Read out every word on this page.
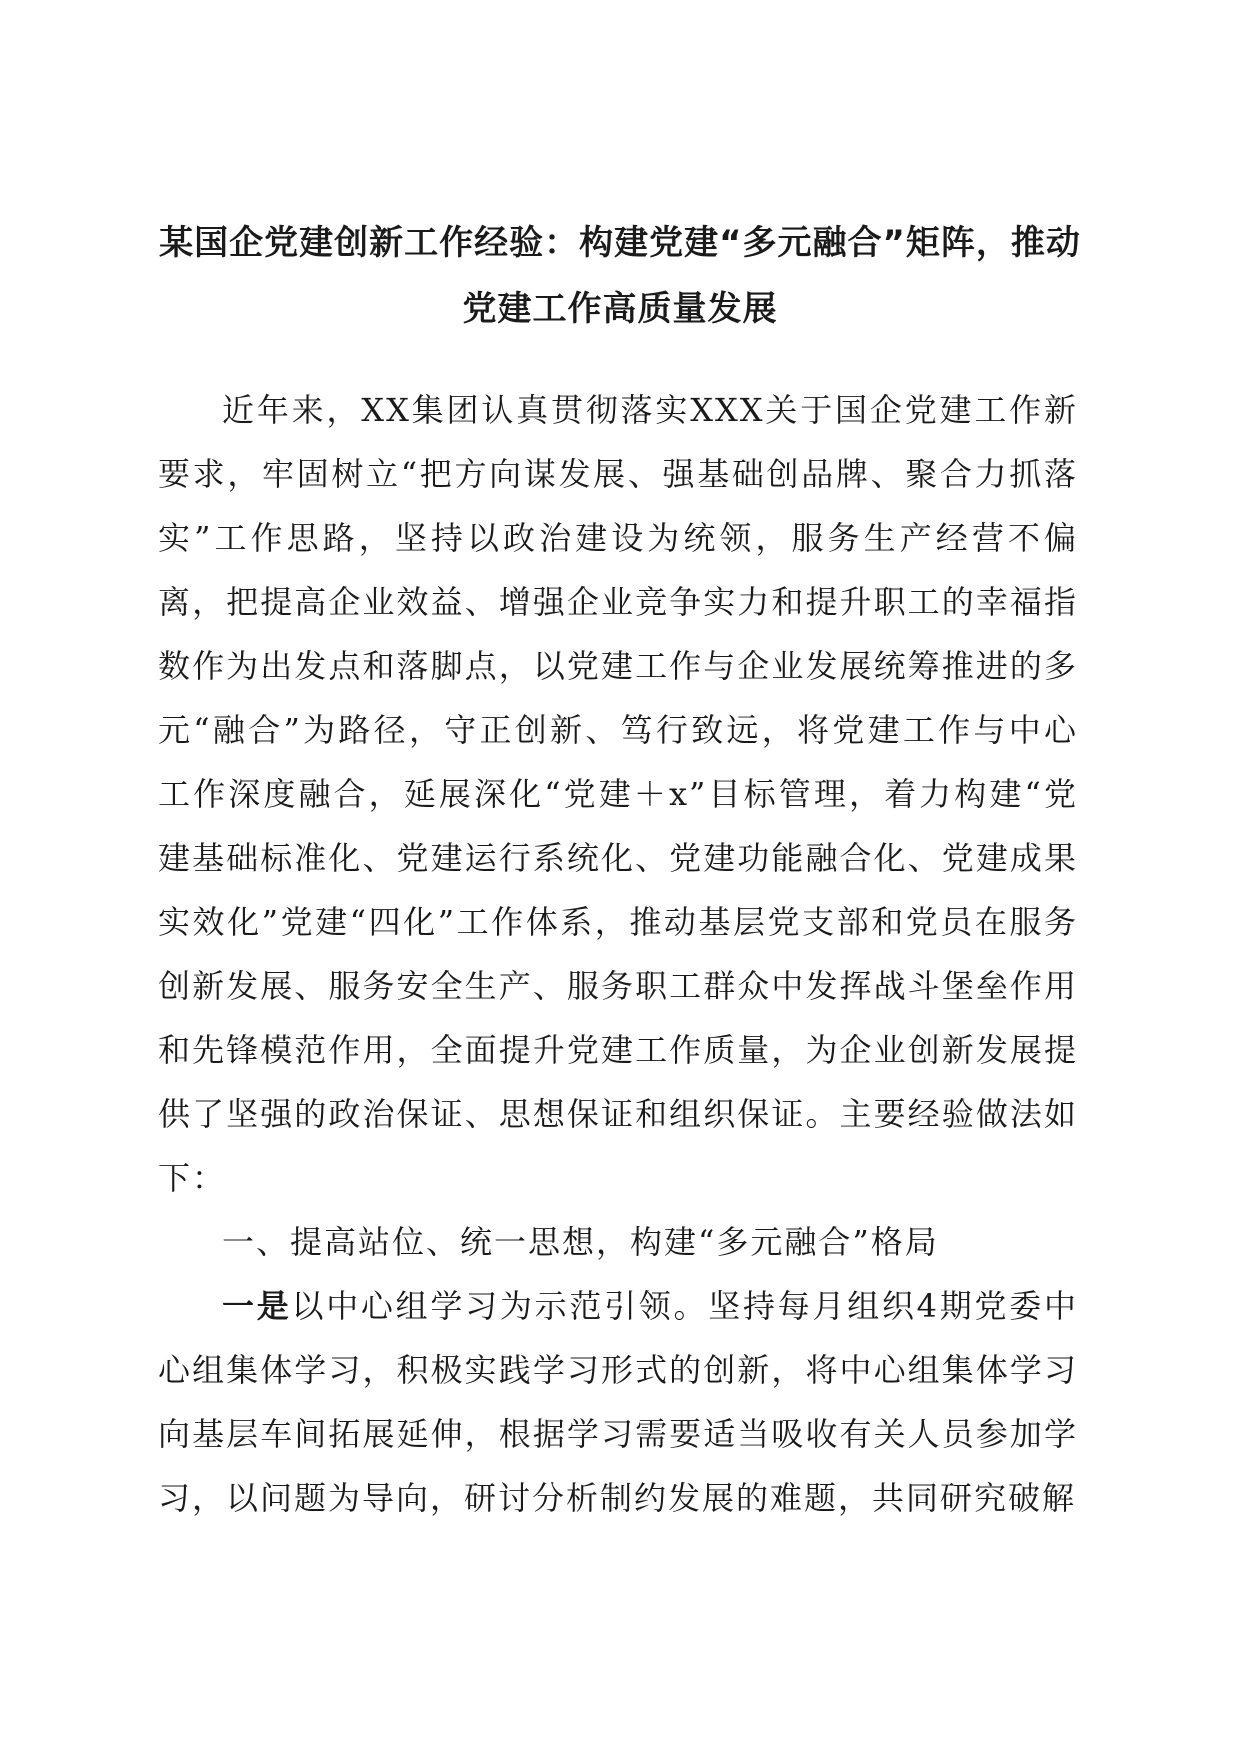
某国企党建创新工作经验：构建党建“多元融合”矩阵，推动
党建工作高质量发展

近年来，XX集团认真贯彻落实XXX关于国企党建工作新要求，牢固树立“把方向谋发展、强基础创品牌、聚合力抓落实”工作思路，坚持以政治建设为统领，服务生产经营不偏离，把提高企业效益、增强企业竞争实力和提升职工的幸福指数作为出发点和落脚点，以党建工作与企业发展统筹推进的多元“融合”为路径，守正创新、笃行致远，将党建工作与中心工作深度融合，延展深化“党建＋x”目标管理，着力构建“党建基础标准化、党建运行系统化、党建功能融合化、党建成果实效化”党建“四化”工作体系，推动基层党支部和党员在服务创新发展、服务安全生产、服务职工群众中发挥战斗堡垒作用和先锋模范作用，全面提升党建工作质量，为企业创新发展提供了坚强的政治保证、思想保证和组织保证。主要经验做法如下：

一、提高站位、统一思想，构建“多元融合”格局

一是以中心组学习为示范引领。坚持每月组织4期党委中心组集体学习，积极实践学习形式的创新，将中心组集体学习向基层车间拓展延伸，根据学习需要适当吸收有关人员参加学习，以问题为导向，研讨分析制约发展的难题，共同研究破解
